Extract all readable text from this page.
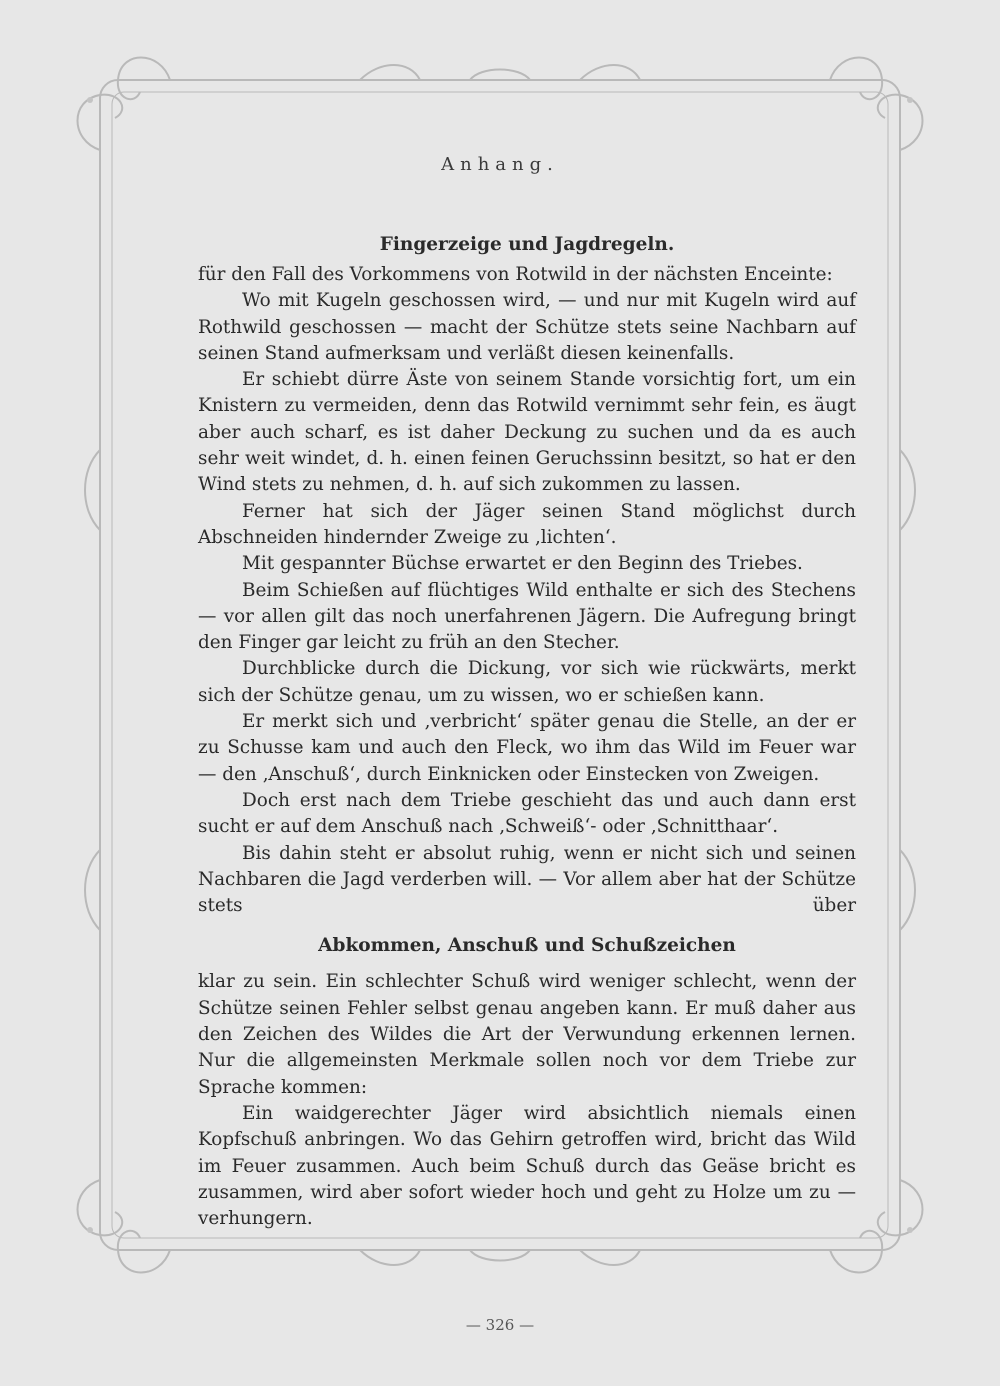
Anhang.
Fingerzeige und Jagdregeln.

für den Fall des Vorkommens von Rotwild in der nächsten Enceinte:

Wo mit Kugeln geschossen wird, — und nur mit Kugeln wird auf Rothwild geschossen — macht der Schütze stets seine Nachbarn auf seinen Stand aufmerksam und verläßt diesen keinenfalls.

Er schiebt dürre Äste von seinem Stande vorsichtig fort, um ein Knistern zu vermeiden, denn das Rotwild vernimmt sehr fein, es äugt aber auch scharf, es ist daher Deckung zu suchen und da es auch sehr weit windet, d. h. einen feinen Geruchssinn besitzt, so hat er den Wind stets zu nehmen, d. h. auf sich zukommen zu lassen.

Ferner hat sich der Jäger seinen Stand möglichst durch Abschneiden hindernder Zweige zu ‚lichten‘.

Mit gespannter Büchse erwartet er den Beginn des Triebes.

Beim Schießen auf flüchtiges Wild enthalte er sich des Stechens — vor allen gilt das noch unerfahrenen Jägern. Die Aufregung bringt den Finger gar leicht zu früh an den Stecher.

Durchblicke durch die Dickung, vor sich wie rückwärts, merkt sich der Schütze genau, um zu wissen, wo er schießen kann.

Er merkt sich und ‚verbricht‘ später genau die Stelle, an der er zu Schusse kam und auch den Fleck, wo ihm das Wild im Feuer war — den ‚Anschuß‘, durch Einknicken oder Einstecken von Zweigen.

Doch erst nach dem Triebe geschieht das und auch dann erst sucht er auf dem Anschuß nach ‚Schweiß‘- oder ‚Schnitthaar‘.

Bis dahin steht er absolut ruhig, wenn er nicht sich und seinen Nachbaren die Jagd verderben will. — Vor allem aber hat der Schütze stets über

Abkommen, Anschuß und Schußzeichen

klar zu sein. Ein schlechter Schuß wird weniger schlecht, wenn der Schütze seinen Fehler selbst genau angeben kann. Er muß daher aus den Zeichen des Wildes die Art der Verwundung erkennen lernen. Nur die allgemeinsten Merkmale sollen noch vor dem Triebe zur Sprache kommen:

Ein waidgerechter Jäger wird absichtlich niemals einen Kopfschuß anbringen. Wo das Gehirn getroffen wird, bricht das Wild im Feuer zusammen. Auch beim Schuß durch das Geäse bricht es zusammen, wird aber sofort wieder hoch und geht zu Holze um zu — verhungern.

— 326 —
